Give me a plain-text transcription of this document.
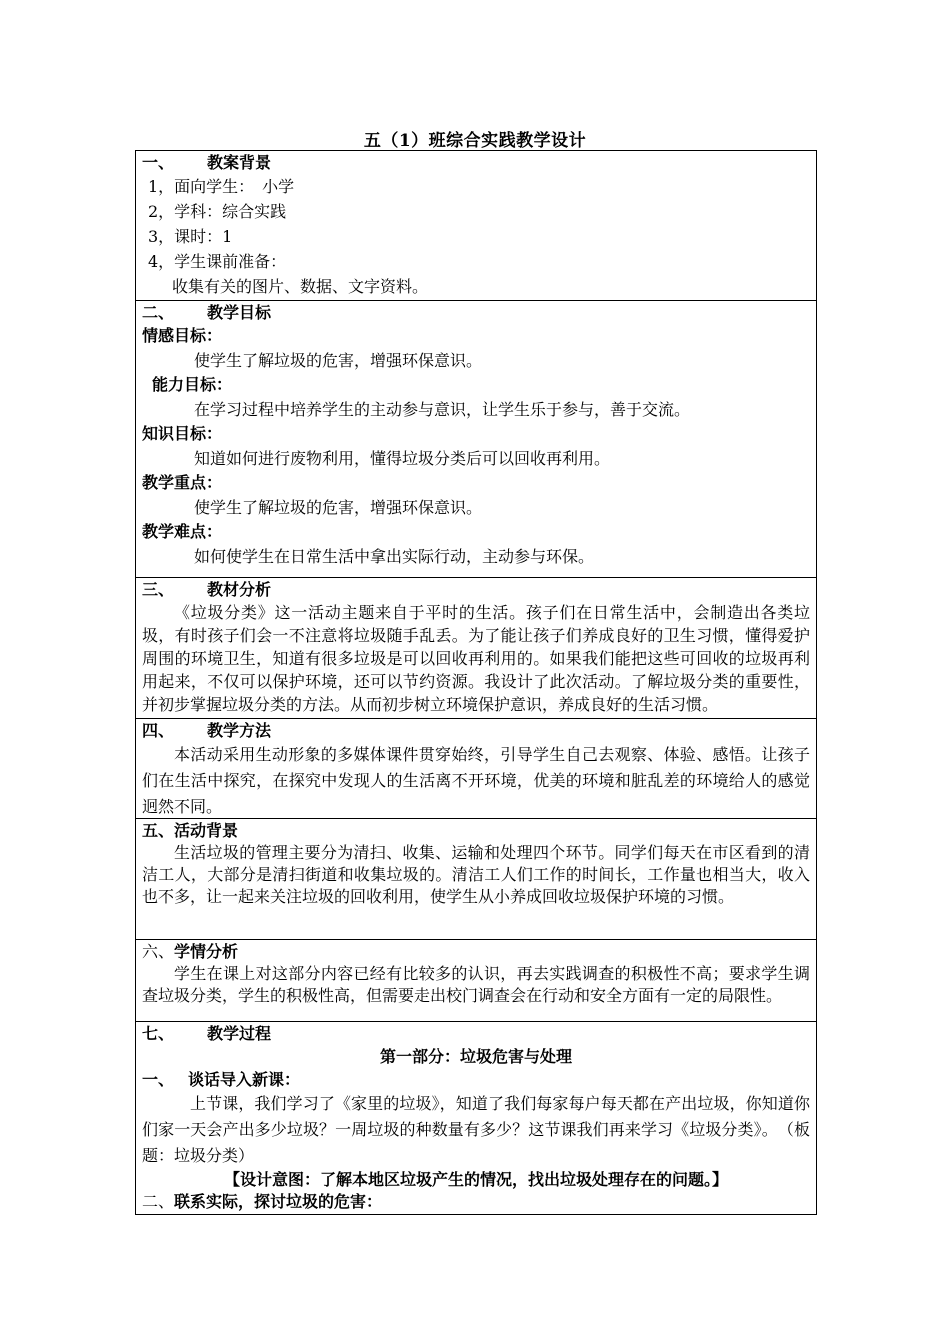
五（1）班综合实践教学设计
一、 教案背景
1，面向学生：　小学
2，学科：综合实践
3，课时：1
4，学生课前准备：
收集有关的图片、数据、文字资料。
二、 教学目标
情感目标：
使学生了解垃圾的危害，增强环保意识。
能力目标：
在学习过程中培养学生的主动参与意识，让学生乐于参与，善于交流。
知识目标：
知道如何进行废物利用，懂得垃圾分类后可以回收再利用。
教学重点：
使学生了解垃圾的危害，增强环保意识。
教学难点：
如何使学生在日常生活中拿出实际行动，主动参与环保。
三、 教材分析
《垃圾分类》这一活动主题来自于平时的生活。孩子们在日常生活中，会制造出各类垃圾，有时孩子们会一不注意将垃圾随手乱丢。为了能让孩子们养成良好的卫生习惯，懂得爱护周围的环境卫生，知道有很多垃圾是可以回收再利用的。如果我们能把这些可回收的垃圾再利用起来，不仅可以保护环境，还可以节约资源。我设计了此次活动。了解垃圾分类的重要性，并初步掌握垃圾分类的方法。从而初步树立环境保护意识，养成良好的生活习惯。
四、 教学方法
本活动采用生动形象的多媒体课件贯穿始终，引导学生自己去观察、体验、感悟。让孩子们在生活中探究，在探究中发现人的生活离不开环境，优美的环境和脏乱差的环境给人的感觉迥然不同。
五、活动背景
生活垃圾的管理主要分为清扫、收集、运输和处理四个环节。同学们每天在市区看到的清洁工人，大部分是清扫街道和收集垃圾的。清洁工人们工作的时间长，工作量也相当大，收入也不多，让一起来关注垃圾的回收利用，使学生从小养成回收垃圾保护环境的习惯。
六、学情分析
学生在课上对这部分内容已经有比较多的认识，再去实践调查的积极性不高；要求学生调查垃圾分类，学生的积极性高，但需要走出校门调查会在行动和安全方面有一定的局限性。
七、 教学过程
第一部分：垃圾危害与处理
一、 谈话导入新课：
上节课，我们学习了《家里的垃圾》，知道了我们每家每户每天都在产出垃圾，你知道你们家一天会产出多少垃圾？一周垃圾的种数量有多少？这节课我们再来学习《垃圾分类》。　（板题：垃圾分类）
【设计意图：了解本地区垃圾产生的情况，找出垃圾处理存在的问题。】
二、联系实际，探讨垃圾的危害：
